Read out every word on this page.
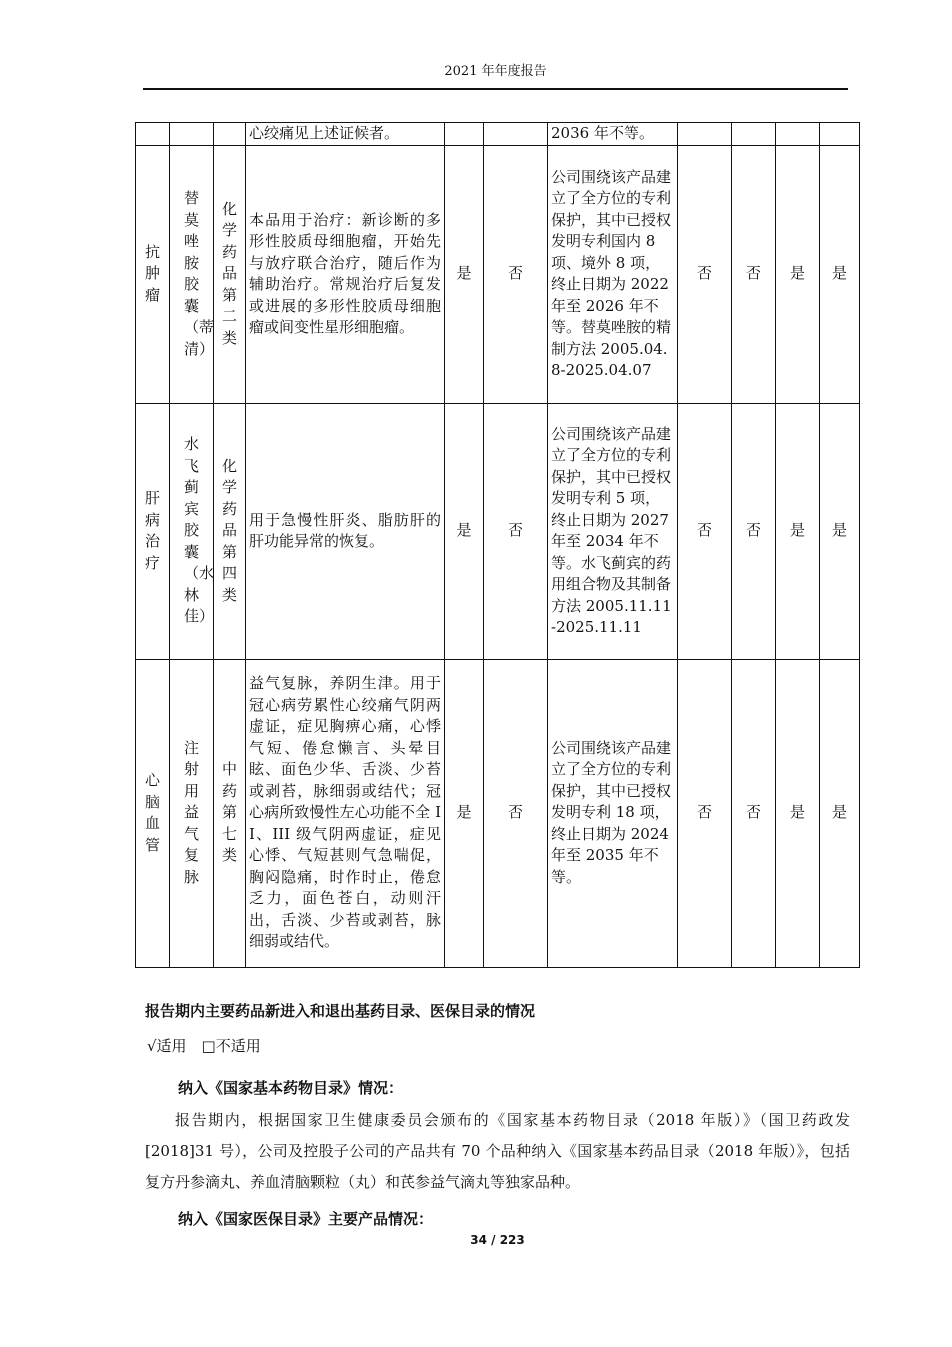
2021 年年度报告
			心绞痛见上述证候者。			2036 年不等。				

抗肿瘤	替莫唑胺胶囊（蒂清）	化学药品第二类	本品用于治疗：新诊断的多形性胶质母细胞瘤，开始先与放疗联合治疗，随后作为辅助治疗。常规治疗后复发或进展的多形性胶质母细胞瘤或间变性星形细胞瘤。	是	否	公司围绕该产品建立了全方位的专利保护，其中已授权发明专利国内 8 项、境外 8 项，终止日期为 2022 年至 2026 年不等。替莫唑胺的精制方法 2005.04.8-2025.04.07	否	否	是	是

肝病治疗	水飞蓟宾胶囊（水林佳）	化学药品第四类	用于急慢性肝炎、脂肪肝的肝功能异常的恢复。	是	否	公司围绕该产品建立了全方位的专利保护，其中已授权发明专利 5 项，终止日期为 2027 年至 2034 年不等。水飞蓟宾的药用组合物及其制备方法 2005.11.11-2025.11.11	否	否	是	是

心脑血管	注射用益气复脉	中药第七类	益气复脉，养阴生津。用于冠心病劳累性心绞痛气阴两虚证，症见胸痹心痛，心悸气短、倦怠懒言、头晕目眩、面色少华、舌淡、少苔或剥苔，脉细弱或结代；冠心病所致慢性左心功能不全 II、III 级气阴两虚证，症见心悸、气短甚则气急喘促，胸闷隐痛，时作时止，倦怠乏力，面色苍白，动则汗出，舌淡、少苔或剥苔，脉细弱或结代。	是	否	公司围绕该产品建立了全方位的专利保护，其中已授权发明专利 18 项，终止日期为 2024 年至 2035 年不等。	否	否	是	是
报告期内主要药品新进入和退出基药目录、医保目录的情况
√适用　□不适用
纳入《国家基本药物目录》情况：
报告期内，根据国家卫生健康委员会颁布的《国家基本药物目录（2018 年版）》（国卫药政发[2018]31 号），公司及控股子公司的产品共有 70 个品种纳入《国家基本药品目录（2018 年版）》，包括复方丹参滴丸、养血清脑颗粒（丸）和芪参益气滴丸等独家品种。
纳入《国家医保目录》主要产品情况：
34 / 223
